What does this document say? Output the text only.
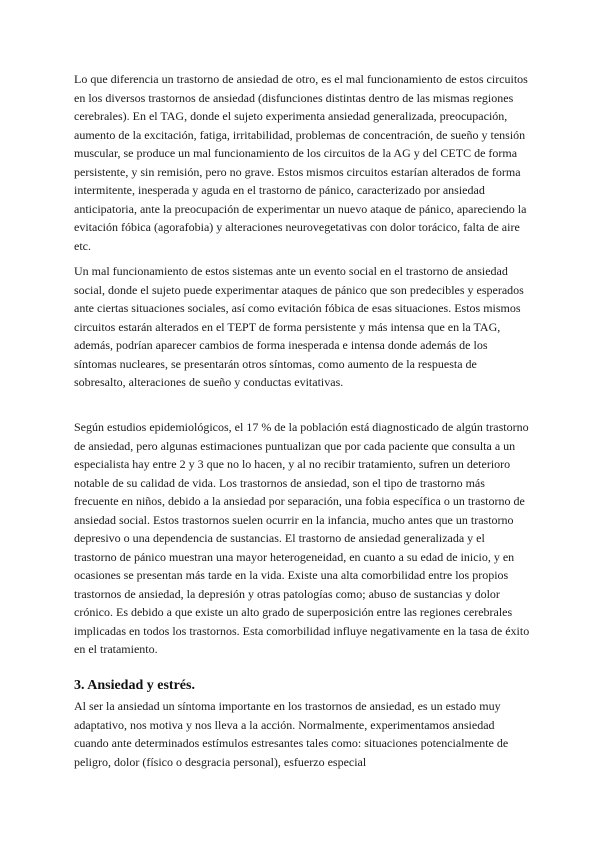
Lo que diferencia un trastorno de ansiedad de otro, es el mal funcionamiento de estos circuitos en los diversos trastornos de ansiedad (disfunciones distintas dentro de las mismas regiones cerebrales). En el TAG, donde el sujeto experimenta ansiedad generalizada, preocupación, aumento de la excitación, fatiga, irritabilidad, problemas de concentración, de sueño y tensión muscular, se produce un mal funcionamiento de los circuitos de la AG y del CETC de forma persistente, y sin remisión, pero no grave. Estos mismos circuitos estarían alterados de forma intermitente, inesperada y aguda en el trastorno de pánico, caracterizado por ansiedad anticipatoria, ante la preocupación de experimentar un nuevo ataque de pánico, apareciendo la evitación fóbica (agorafobia) y alteraciones neurovegetativas con dolor torácico, falta de aire etc.

Un mal funcionamiento de estos sistemas ante un evento social en el trastorno de ansiedad social, donde el sujeto puede experimentar ataques de pánico que son predecibles y esperados ante ciertas situaciones sociales, así como evitación fóbica de esas situaciones. Estos mismos circuitos estarán alterados en el TEPT de forma persistente y más intensa que en la TAG, además, podrían aparecer cambios de forma inesperada e intensa donde además de los síntomas nucleares, se presentarán otros síntomas, como aumento de la respuesta de sobresalto, alteraciones de sueño y conductas evitativas.

Según estudios epidemiológicos, el 17 % de la población está diagnosticado de algún trastorno de ansiedad, pero algunas estimaciones puntualizan que por cada paciente que consulta a un especialista hay entre 2 y 3 que no lo hacen, y al no recibir tratamiento, sufren un deterioro notable de su calidad de vida. Los trastornos de ansiedad, son el tipo de trastorno más frecuente en niños, debido a la ansiedad por separación, una fobia específica o un trastorno de ansiedad social. Estos trastornos suelen ocurrir en la infancia, mucho antes que un trastorno depresivo o una dependencia de sustancias. El trastorno de ansiedad generalizada y el trastorno de pánico muestran una mayor heterogeneidad, en cuanto a su edad de inicio, y en ocasiones se presentan más tarde en la vida. Existe una alta comorbilidad entre los propios trastornos de ansiedad, la depresión y otras patologías como; abuso de sustancias y dolor crónico. Es debido a que existe un alto grado de superposición entre las regiones cerebrales implicadas en todos los trastornos. Esta comorbilidad influye negativamente en la tasa de éxito en el tratamiento.

3. Ansiedad y estrés.

Al ser la ansiedad un síntoma importante en los trastornos de ansiedad, es un estado muy adaptativo, nos motiva y nos lleva a la acción. Normalmente, experimentamos ansiedad cuando ante determinados estímulos estresantes tales como: situaciones potencialmente de peligro, dolor (físico o desgracia personal), esfuerzo especial
